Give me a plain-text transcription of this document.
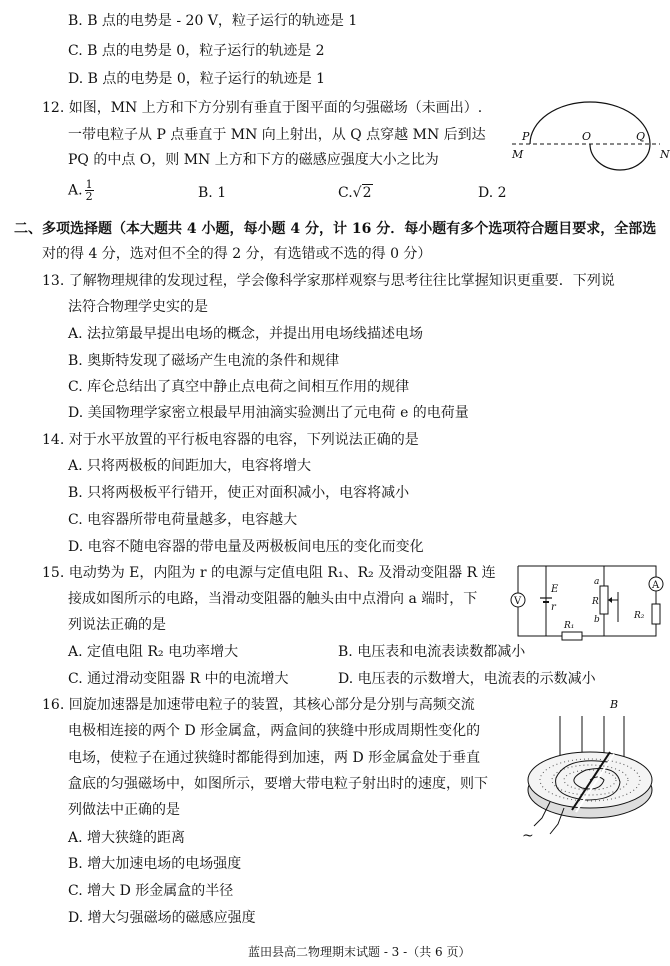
B. B 点的电势是 - 20 V，粒子运行的轨迹是 1
C. B 点的电势是 0，粒子运行的轨迹是 2
D. B 点的电势是 0，粒子运行的轨迹是 1
12. 如图，MN 上方和下方分别有垂直于图平面的匀强磁场（未画出）.
一带电粒子从 P 点垂直于 MN 向上射出，从 Q 点穿越 MN 后到达
PQ 的中点 O，则 MN 上方和下方的磁感应强度大小之比为
A. $\frac{1}{2}$	B. 1	C.√2	D. 2
P
M
O	Q
N
二、多项选择题（本大题共 4 小题，每小题 4 分，计 16 分．每小题有多个选项符合题目要求，全部选
对的得 4 分，选对但不全的得 2 分，有选错或不选的得 0 分）
13. 了解物理规律的发现过程，学会像科学家那样观察与思考往往比掌握知识更重要．下列说
法符合物理学史实的是
A. 法拉第最早提出电场的概念，并提出用电场线描述电场
B. 奥斯特发现了磁场产生电流的条件和规律
C. 库仑总结出了真空中静止点电荷之间相互作用的规律
D. 美国物理学家密立根最早用油滴实验测出了元电荷 e 的电荷量
14. 对于水平放置的平行板电容器的电容，下列说法正确的是
A. 只将两极板的间距加大，电容将增大
B. 只将两极板平行错开，使正对面积减小，电容将减小
C. 电容器所带电荷量越多，电容越大
D. 电容不随电容器的带电量及两极板间电压的变化而变化
15. 电动势为 E，内阻为 r 的电源与定值电阻 R₁、R₂ 及滑动变阻器 R 连
接成如图所示的电路，当滑动变阻器的触头由中点滑向 a 端时，下
列说法正确的是
A. 定值电阻 R₂ 电功率增大	B. 电压表和电流表读数都减小
C. 通过滑动变阻器 R 中的电流增大	D. 电压表的示数增大，电流表的示数减小
V
E
r
R₁
a
R
b
A
R₂
16. 回旋加速器是加速带电粒子的装置，其核心部分是分别与高频交流
电极相连接的两个 D 形金属盒，两盒间的狭缝中形成周期性变化的
电场，使粒子在通过狭缝时都能得到加速，两 D 形金属盒处于垂直
盒底的匀强磁场中，如图所示，要增大带电粒子射出时的速度，则下
列做法中正确的是
A. 增大狭缝的距离
B. 增大加速电场的电场强度
C. 增大 D 形金属盒的半径
D. 增大匀强磁场的磁感应强度
B
~
蓝田县高二物理期末试题 - 3 -（共 6 页）
